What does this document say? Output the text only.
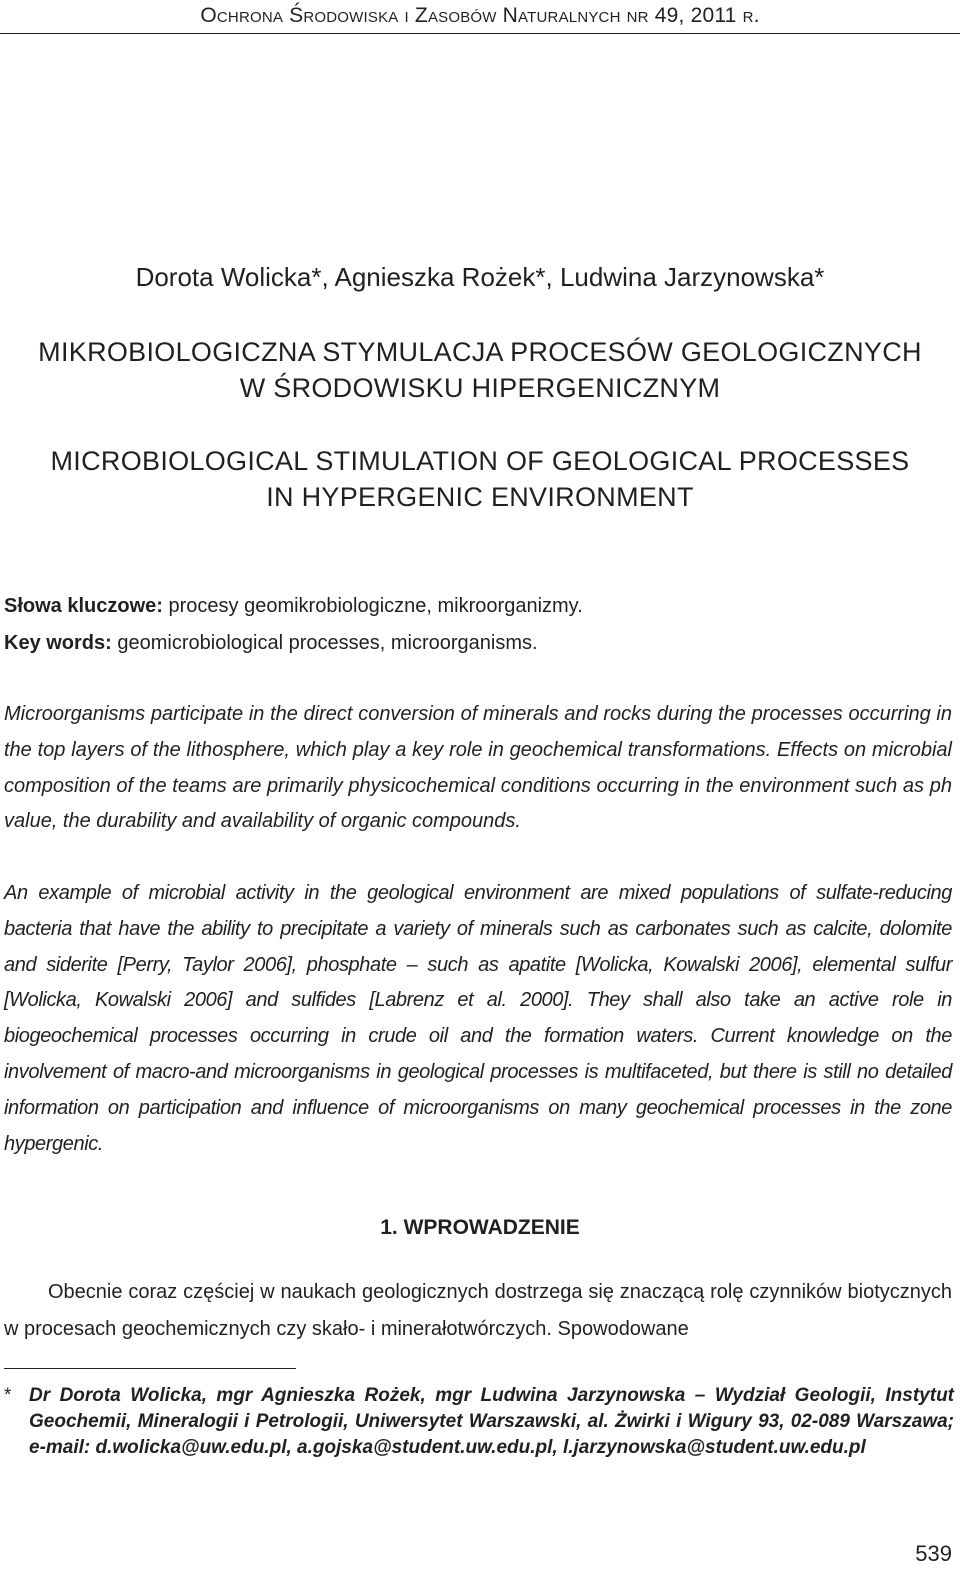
Ochrona Środowiska i Zasobów Naturalnych nr 49, 2011 r.
Dorota Wolicka*, Agnieszka Rożek*, Ludwina Jarzynowska*
MIKROBIOLOGICZNA STYMULACJA PROCESÓW GEOLOGICZNYCH
W ŚRODOWISKU HIPERGENICZNYM
MICROBIOLOGICAL STIMULATION OF GEOLOGICAL PROCESSES
IN HYPERGENIC ENVIRONMENT
Słowa kluczowe: procesy geomikrobiologiczne, mikroorganizmy.
Key words: geomicrobiological processes, microorganisms.
Microorganisms participate in the direct conversion of minerals and rocks during the processes occurring in the top layers of the lithosphere, which play a key role in geochemical transformations. Effects on microbial composition of the teams are primarily physicochemical conditions occurring in the environment such as ph value, the durability and availability of organic compounds.
An example of microbial activity in the geological environment are mixed populations of sulfate-reducing bacteria that have the ability to precipitate a variety of minerals such as carbonates such as calcite, dolomite and siderite [Perry, Taylor 2006], phosphate – such as apatite [Wolicka, Kowalski 2006], elemental sulfur [Wolicka, Kowalski 2006] and sulfides [Labrenz et al. 2000]. They shall also take an active role in biogeochemical processes occurring in crude oil and the formation waters. Current knowledge on the involvement of macro-and microorganisms in geological processes is multifaceted, but there is still no detailed information on participation and influence of microorganisms on many geochemical processes in the zone hypergenic.
1. WPROWADZENIE
Obecnie coraz częściej w naukach geologicznych dostrzega się znaczącą rolę czynników biotycznych w procesach geochemicznych czy skało- i minerałotwórczych. Spowodowane
* Dr Dorota Wolicka, mgr Agnieszka Rożek, mgr Ludwina Jarzynowska – Wydział Geologii, Instytut Geochemii, Mineralogii i Petrologii, Uniwersytet Warszawski, al. Żwirki i Wigury 93, 02-089 Warszawa; e-mail: d.wolicka@uw.edu.pl, a.gojska@student.uw.edu.pl, l.jarzynowska@student.uw.edu.pl
539
